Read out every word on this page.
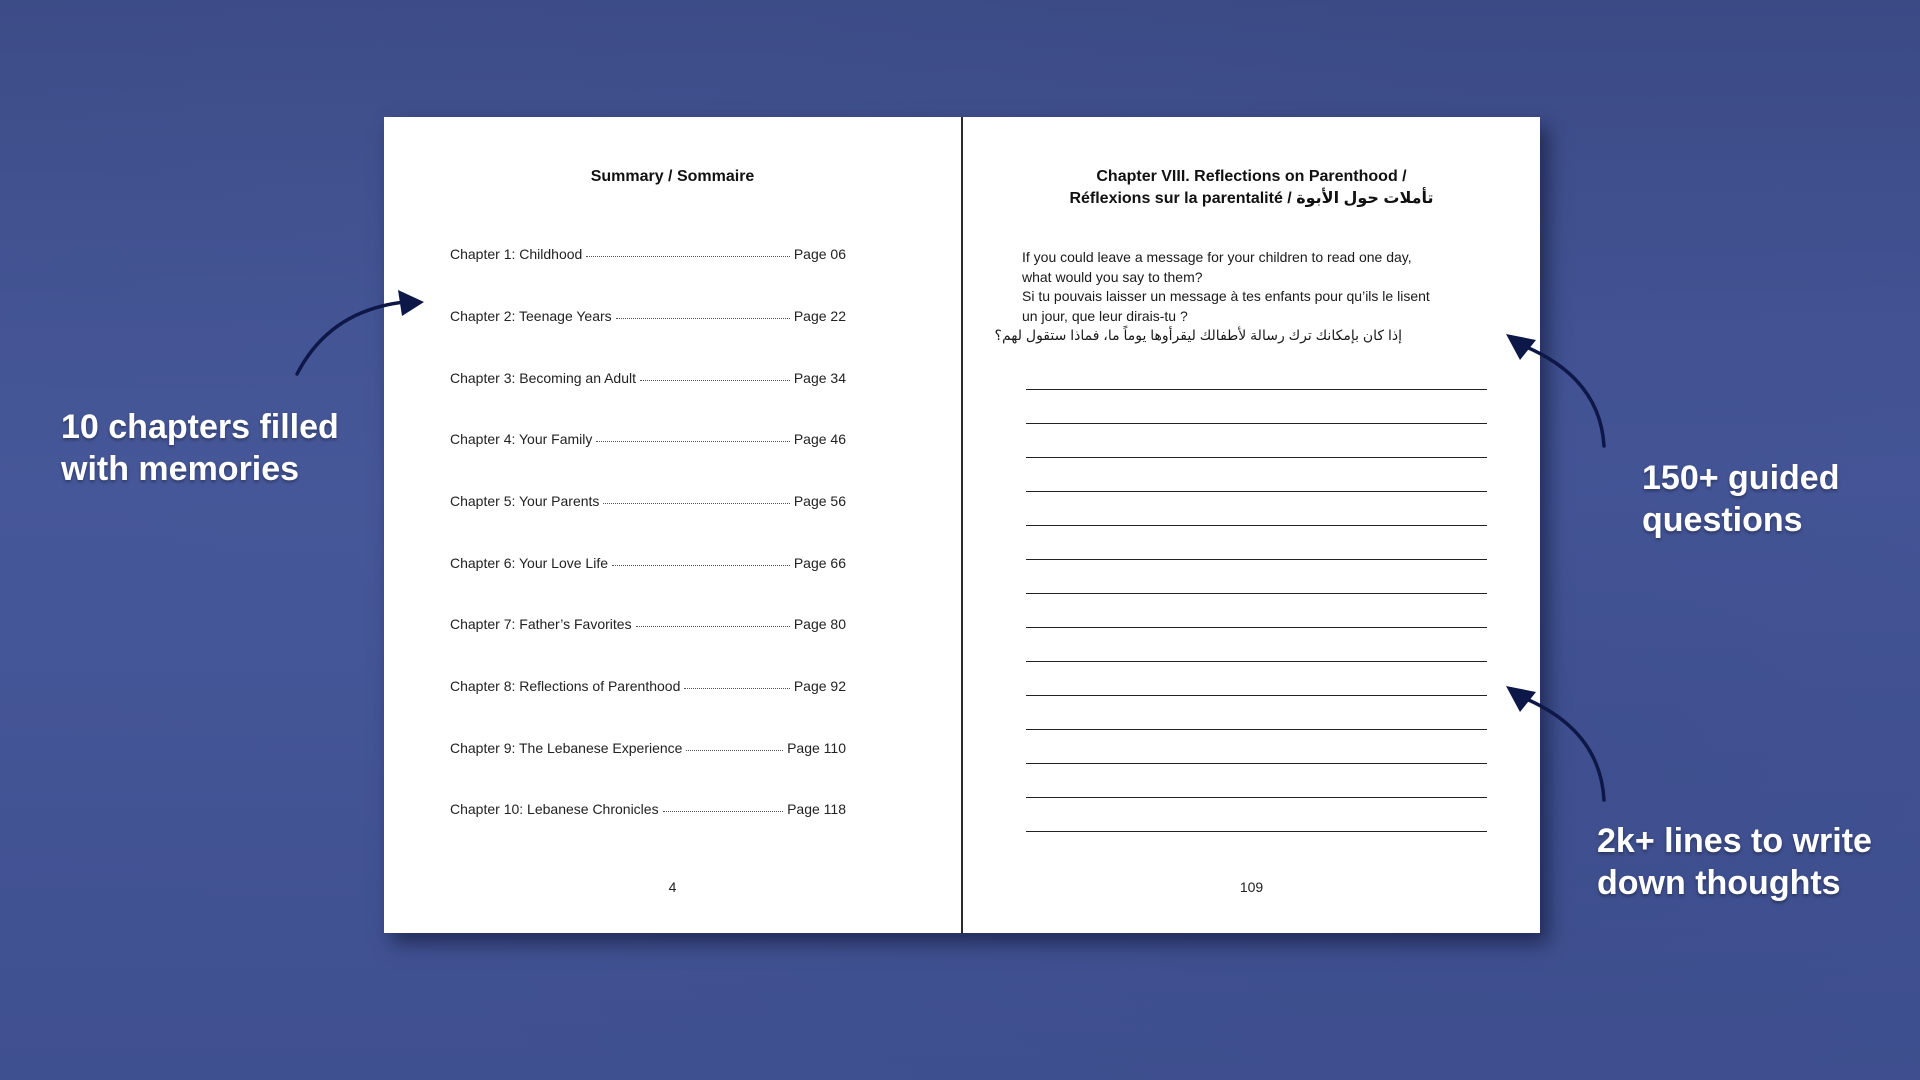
Summary / Sommaire
Chapter 1: Childhood	Page 06
Chapter 2: Teenage Years	Page 22
Chapter 3: Becoming an Adult	Page 34
Chapter 4: Your Family	Page 46
Chapter 5: Your Parents	Page 56
Chapter 6: Your Love Life	Page 66
Chapter 7: Father’s Favorites	Page 80
Chapter 8: Reflections of Parenthood	Page 92
Chapter 9: The Lebanese Experience	Page 110
Chapter 10: Lebanese Chronicles	Page 118
4
Chapter VIII. Reflections on Parenthood /
Réflexions sur la parentalité / تأملات حول الأبوة
If you could leave a message for your children to read one day,
what would you say to them?
Si tu pouvais laisser un message à tes enfants pour qu’ils le lisent
un jour, que leur dirais-tu ?
إذا كان بإمكانك ترك رسالة لأطفالك ليقرأوها يوماً ما، فماذا ستقول لهم؟
109
10 chapters filled
with memories	150+ guided
questions
2k+ lines to write
down thoughts
